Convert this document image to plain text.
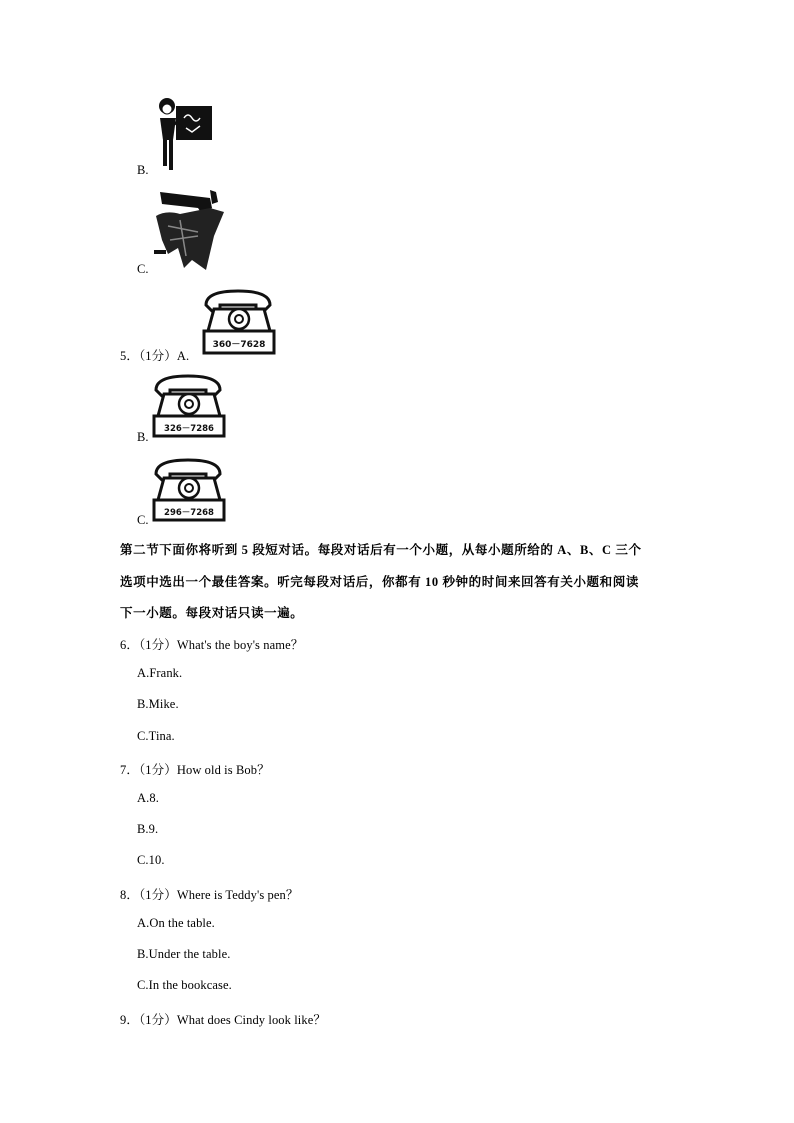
B.
C.
5．（1分）A.
360－7628
326－7286
B.
296－7268
C.
第二节下面你将听到 5 段短对话。每段对话后有一个小题，从每小题所给的 A、B、C 三个
选项中选出一个最佳答案。听完每段对话后，你都有 10 秒钟的时间来回答有关小题和阅读
下一小题。每段对话只读一遍。
6．（1分）What's the boy's name？
A.Frank.
B.Mike.
C.Tina.
7．（1分）How old is Bob？
A.8.
B.9.
C.10.
8．（1分）Where is Teddy's pen？
A.On the table.
B.Under the table.
C.In the bookcase.
9．（1分）What does Cindy look like？
